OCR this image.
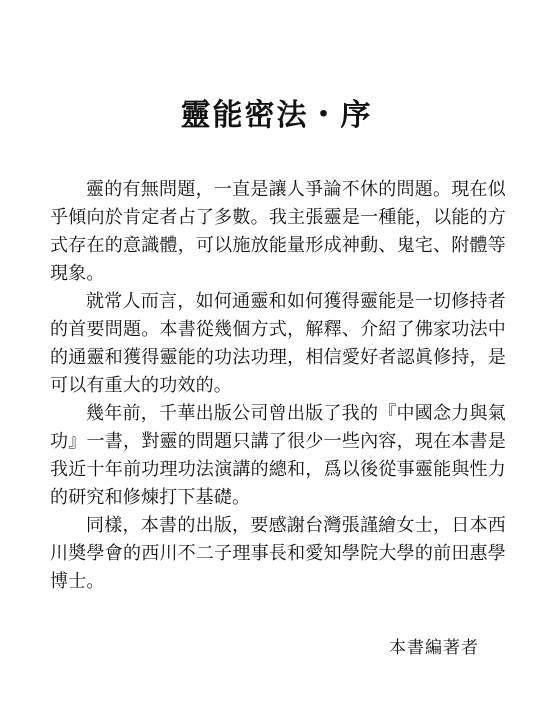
靈能密法・序

靈的有無問題，一直是讓人爭論不休的問題。現在似乎傾向於肯定者占了多數。我主張靈是一種能，以能的方式存在的意識體，可以施放能量形成神動、鬼宅、附體等現象。

就常人而言，如何通靈和如何獲得靈能是一切修持者的首要問題。本書從幾個方式，解釋、介紹了佛家功法中的通靈和獲得靈能的功法功理，相信愛好者認眞修持，是可以有重大的功效的。

幾年前，千華出版公司曾出版了我的『中國念力與氣功』一書，對靈的問題只講了很少一些內容，現在本書是我近十年前功理功法演講的總和，爲以後從事靈能與性力的研究和修煉打下基礎。

同樣，本書的出版，要感謝台灣張謹繪女士，日本西川奬學會的西川不二子理事長和愛知學院大學的前田惠學博士。

本書編著者
